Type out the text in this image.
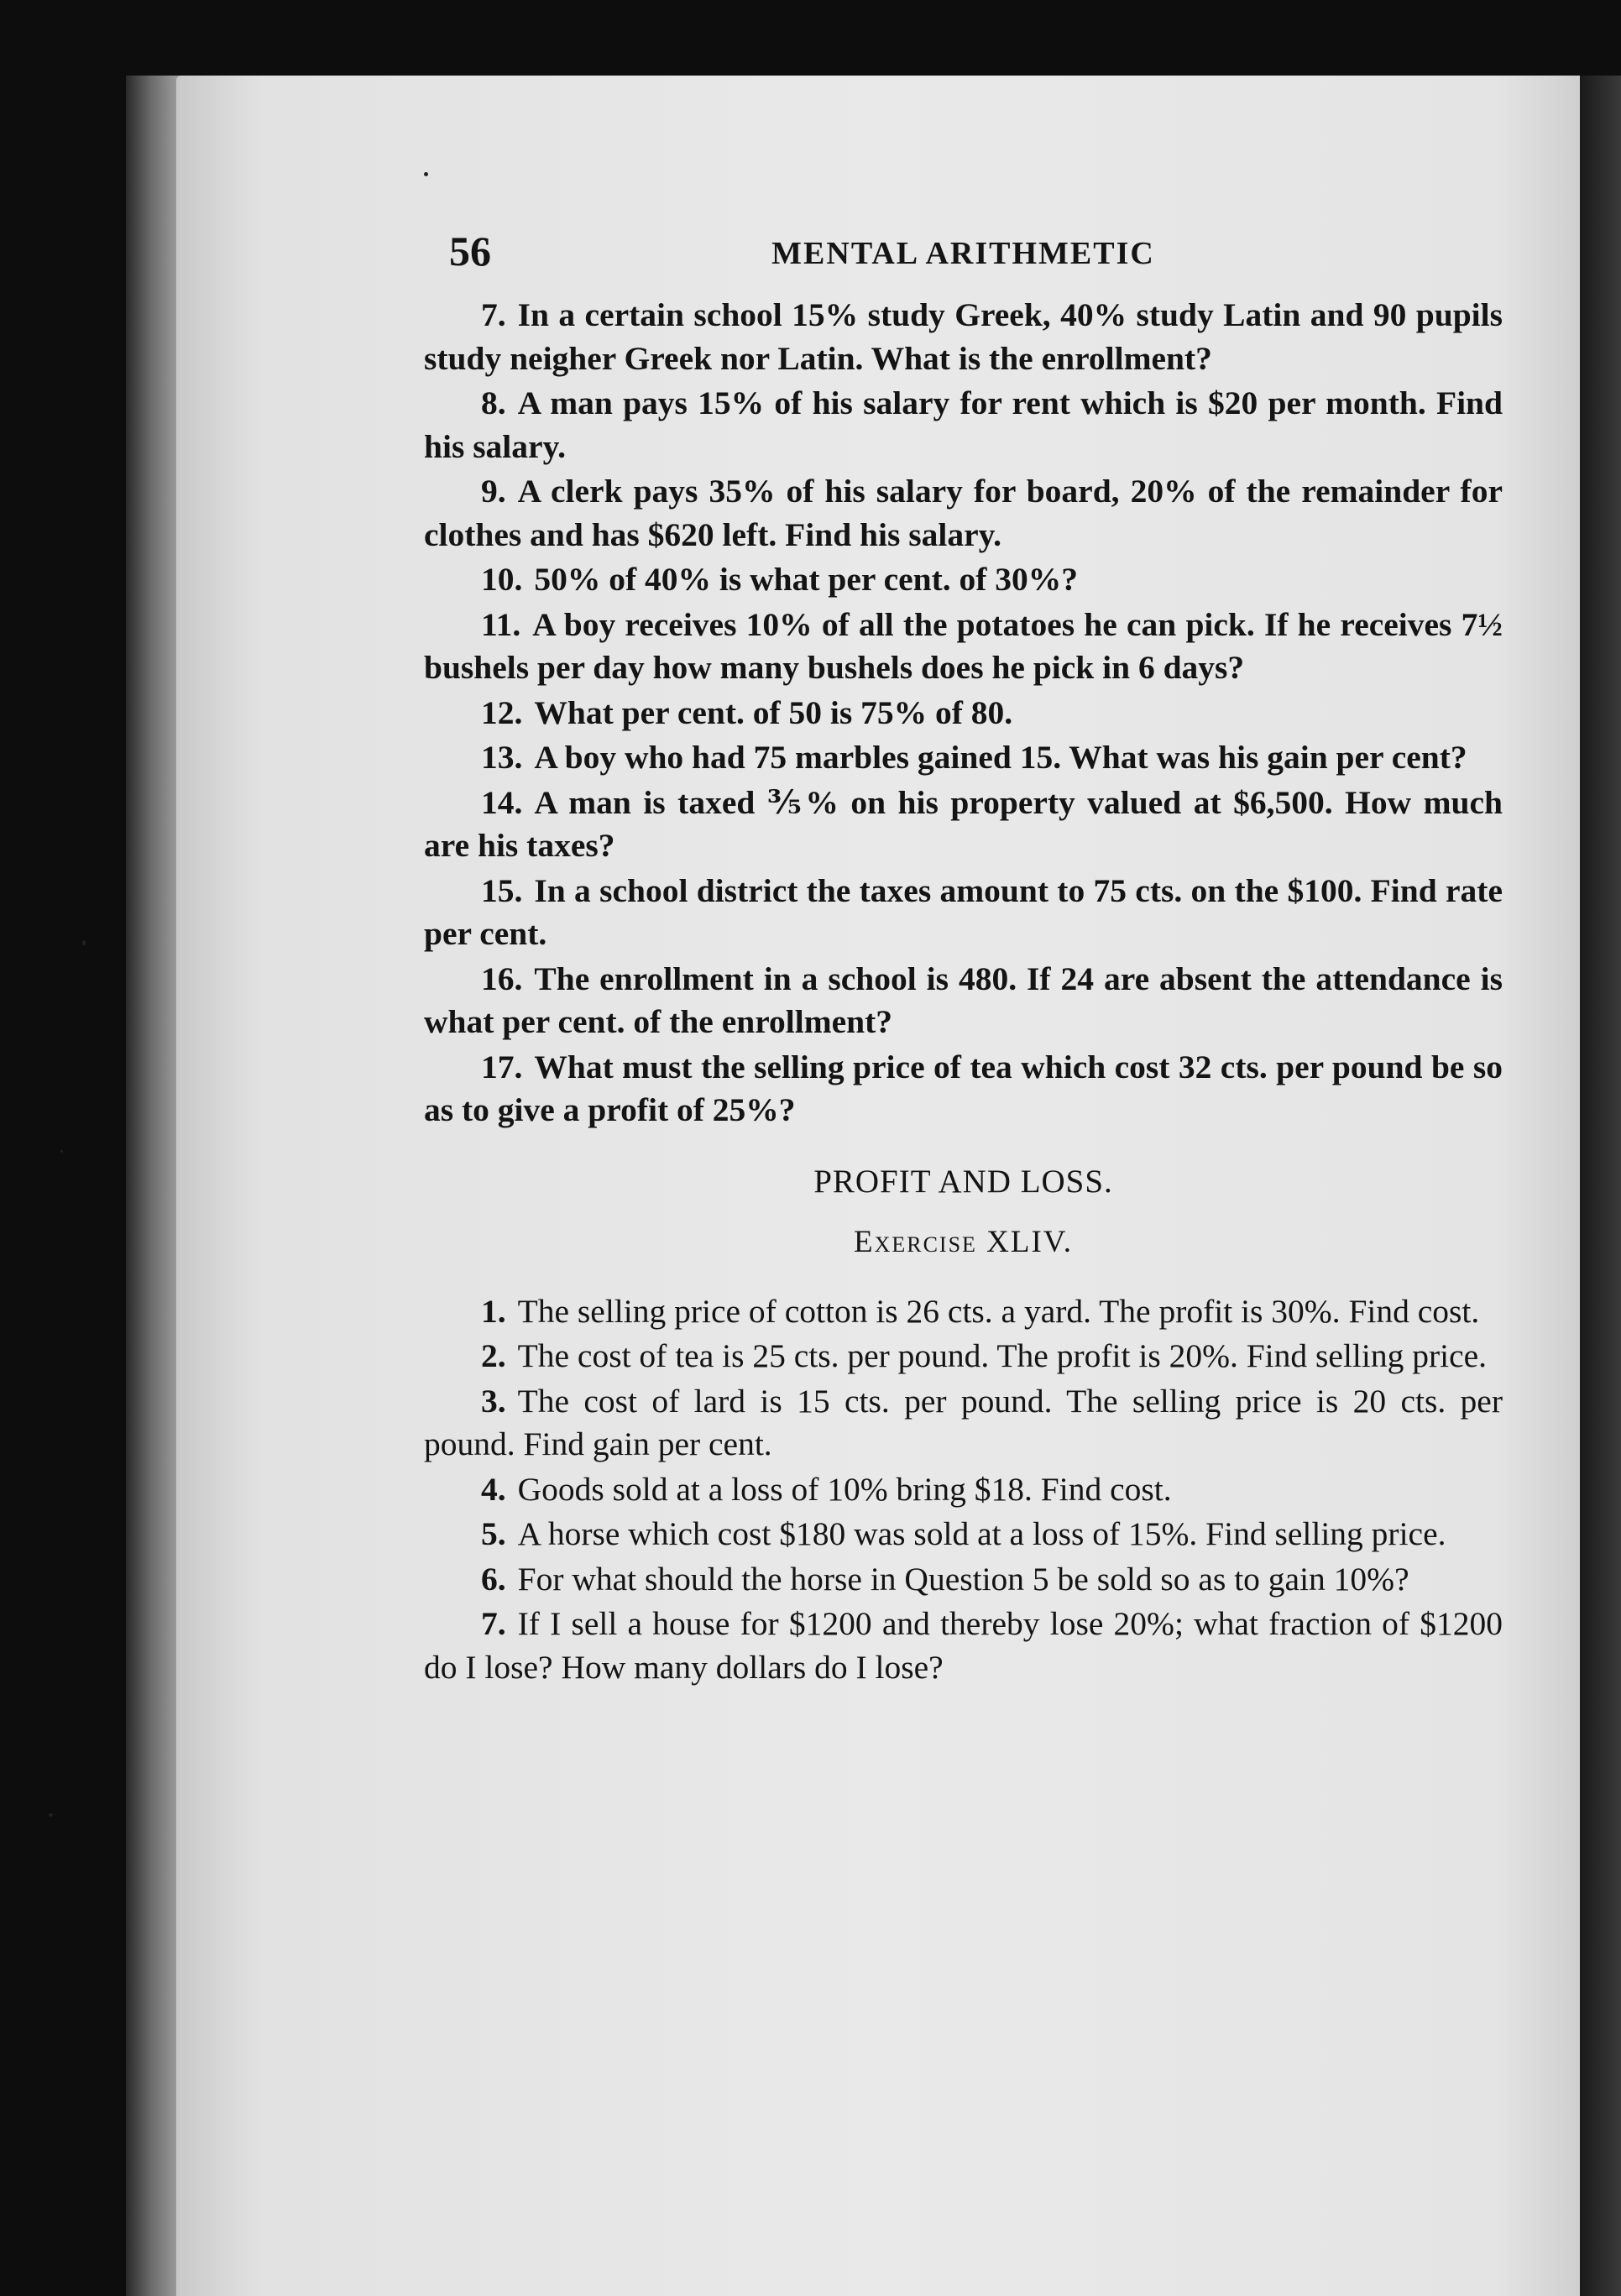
56	MENTAL ARITHMETIC

7. In a certain school 15% study Greek, 40% study Latin and 90 pupils study neigher Greek nor Latin. What is the enrollment?

8. A man pays 15% of his salary for rent which is $20 per month. Find his salary.

9. A clerk pays 35% of his salary for board, 20% of the remainder for clothes and has $620 left. Find his salary.

10. 50% of 40% is what per cent. of 30%?

11. A boy receives 10% of all the potatoes he can pick. If he receives 7½ bushels per day how many bushels does he pick in 6 days?

12. What per cent. of 50 is 75% of 80.

13. A boy who had 75 marbles gained 15. What was his gain per cent?

14. A man is taxed ⅗% on his property valued at $6,500. How much are his taxes?

15. In a school district the taxes amount to 75 cts. on the $100. Find rate per cent.

16. The enrollment in a school is 480. If 24 are absent the attendance is what per cent. of the enrollment?

17. What must the selling price of tea which cost 32 cts. per pound be so as to give a profit of 25%?

PROFIT AND LOSS.
Exercise XLIV.

1. The selling price of cotton is 26 cts. a yard. The profit is 30%. Find cost.

2. The cost of tea is 25 cts. per pound. The profit is 20%. Find selling price.

3. The cost of lard is 15 cts. per pound. The selling price is 20 cts. per pound. Find gain per cent.

4. Goods sold at a loss of 10% bring $18. Find cost.

5. A horse which cost $180 was sold at a loss of 15%. Find selling price.

6. For what should the horse in Question 5 be sold so as to gain 10%?

7. If I sell a house for $1200 and thereby lose 20%; what fraction of $1200 do I lose? How many dollars do I lose?
